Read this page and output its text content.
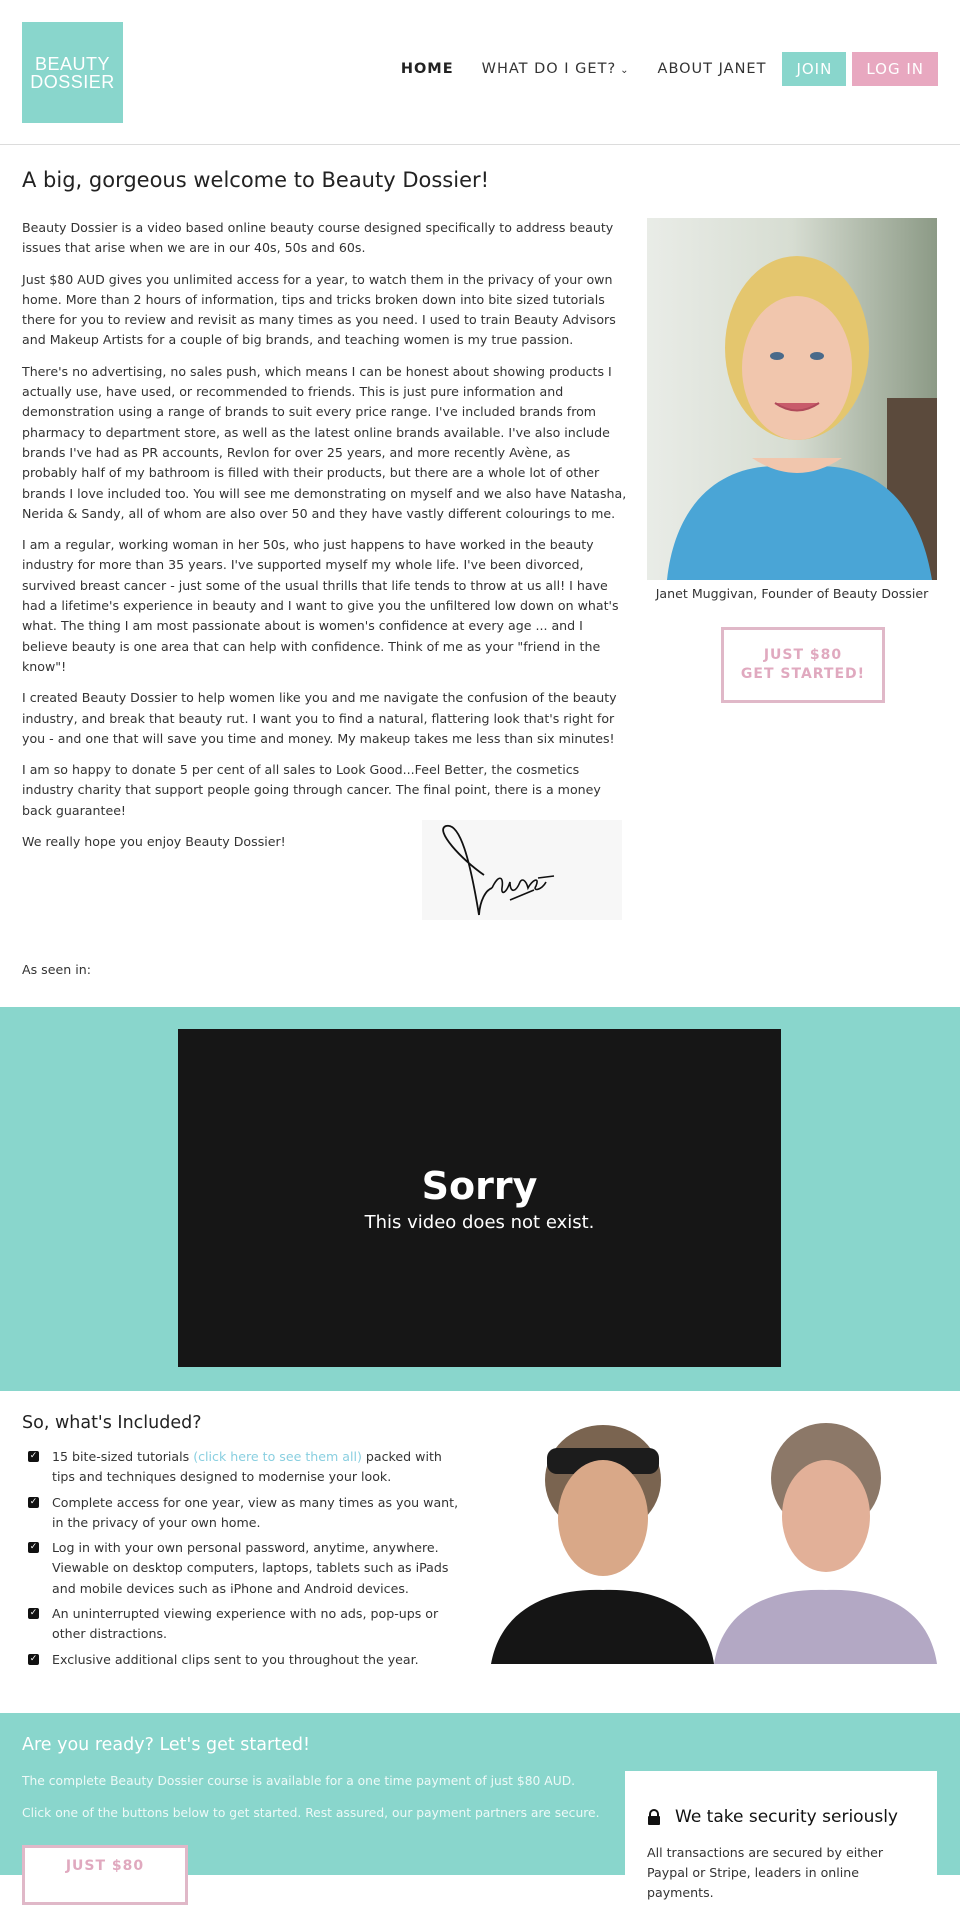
BEAUTY
DOSSIER
HOME WHAT DO I GET? ⌄ ABOUT JANET	JOIN	LOG IN
A big, gorgeous welcome to Beauty Dossier!

Beauty Dossier is a video based online beauty course designed specifically to address beauty issues that arise when we are in our 40s, 50s and 60s.

Just $80 AUD gives you unlimited access for a year, to watch them in the privacy of your own home. More than 2 hours of information, tips and tricks broken down into bite sized tutorials there for you to review and revisit as many times as you need. I used to train Beauty Advisors and Makeup Artists for a couple of big brands, and teaching women is my true passion.

There's no advertising, no sales push, which means I can be honest about showing products I actually use, have used, or recommended to friends. This is just pure information and demonstration using a range of brands to suit every price range. I've included brands from pharmacy to department store, as well as the latest online brands available. I've also include brands I've had as PR accounts, Revlon for over 25 years, and more recently Avène, as probably half of my bathroom is filled with their products, but there are a whole lot of other brands I love included too. You will see me demonstrating on myself and we also have Natasha, Nerida & Sandy, all of whom are also over 50 and they have vastly different colourings to me.

I am a regular, working woman in her 50s, who just happens to have worked in the beauty industry for more than 35 years. I've supported myself my whole life. I've been divorced, survived breast cancer - just some of the usual thrills that life tends to throw at us all! I have had a lifetime's experience in beauty and I want to give you the unfiltered low down on what's what. The thing I am most passionate about is women's confidence at every age ... and I believe beauty is one area that can help with confidence. Think of me as your "friend in the know"!

I created Beauty Dossier to help women like you and me navigate the confusion of the beauty industry, and break that beauty rut. I want you to find a natural, flattering look that's right for you - and one that will save you time and money. My makeup takes me less than six minutes!

I am so happy to donate 5 per cent of all sales to Look Good...Feel Better, the cosmetics industry charity that support people going through cancer. The final point, there is a money back guarantee!

We really hope you enjoy Beauty Dossier!

Janet Muggivan, Founder of Beauty Dossier
JUST $80
GET STARTED!
As seen in:
Sorry
This video does not exist.
So, what's Included?
✓ 15 bite-sized tutorials (click here to see them all) packed with tips and techniques designed to modernise your look.
✓ Complete access for one year, view as many times as you want, in the privacy of your own home.
✓ Log in with your own personal password, anytime, anywhere. Viewable on desktop computers, laptops, tablets such as iPads and mobile devices such as iPhone and Android devices.
✓ An uninterrupted viewing experience with no ads, pop-ups or other distractions.
✓ Exclusive additional clips sent to you throughout the year.
Are you ready? Let's get started!
The complete Beauty Dossier course is available for a one time payment of just $80 AUD.
Click one of the buttons below to get started. Rest assured, our payment partners are secure.
JUST $80
We take security seriously
All transactions are secured by either Paypal or Stripe, leaders in online payments.
